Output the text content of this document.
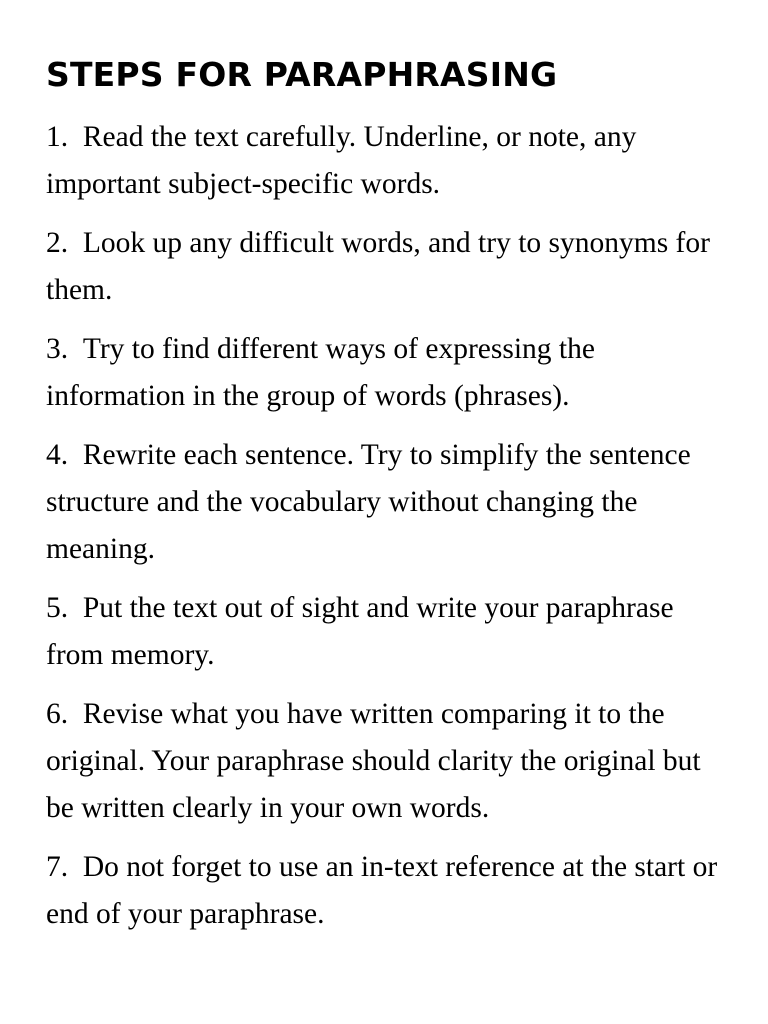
STEPS FOR PARAPHRASING
1. Read the text carefully. Underline, or note, any important subject-specific words.
2. Look up any difficult words, and try to synonyms for them.
3. Try to find different ways of expressing the information in the group of words (phrases).
4. Rewrite each sentence. Try to simplify the sentence structure and the vocabulary without changing the meaning.
5. Put the text out of sight and write your paraphrase from memory.
6. Revise what you have written comparing it to the original. Your paraphrase should clarity the original but be written clearly in your own words.
7. Do not forget to use an in-text reference at the start or end of your paraphrase.
